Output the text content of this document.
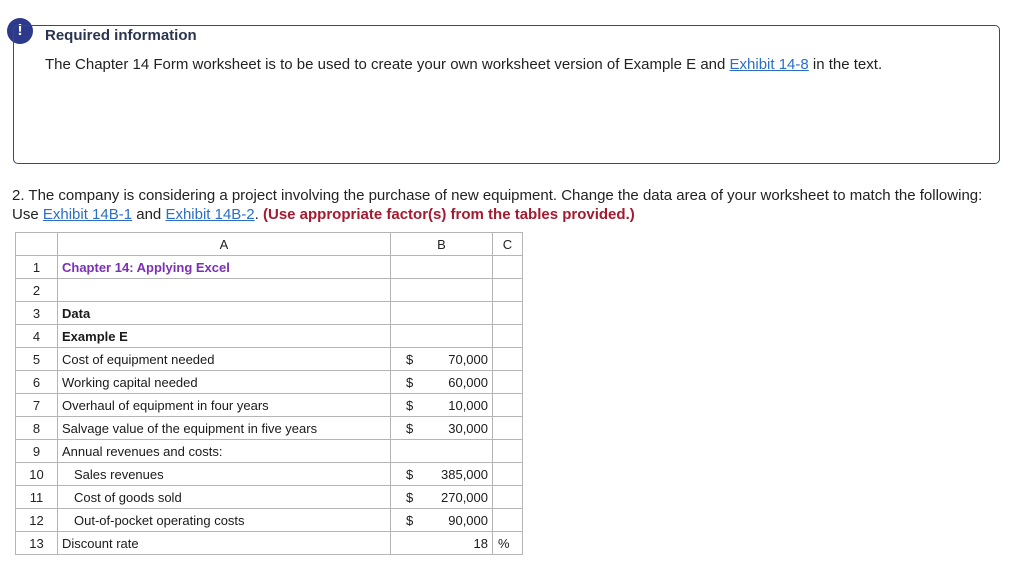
!	Required information
The Chapter 14 Form worksheet is to be used to create your own worksheet version of Example E and Exhibit 14-8 in the text.
2. The company is considering a project involving the purchase of new equipment. Change the data area of your worksheet to match the following: Use Exhibit 14B-1 and Exhibit 14B-2. (Use appropriate factor(s) from the tables provided.)
	A	B	C
1	Chapter 14: Applying Excel	

2		

3	Data	

4	Example E	

5	Cost of equipment needed	$ 70,000	

6	Working capital needed	$ 60,000	

7	Overhaul of equipment in four years	$ 10,000	

8	Salvage value of the equipment in five years	$ 30,000	

9	Annual revenues and costs:	

10	Sales revenues	$ 385,000	

11	Cost of goods sold	$ 270,000	

12	Out-of-pocket operating costs	$ 90,000	

13	Discount rate	18	%
